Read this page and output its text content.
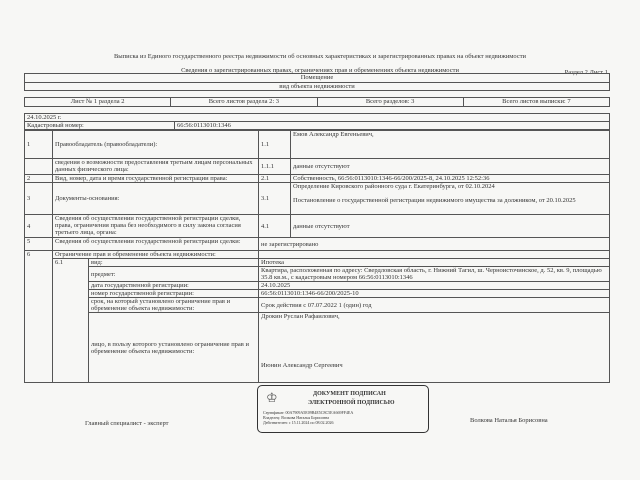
Выписка из Единого государственного реестра недвижимости об основных характеристиках и зарегистрированных правах на объект недвижимости
Сведения о зарегистрированных правах, ограничениях прав и обременениях объекта недвижимости	Раздел 2 Лист 1
Помещение
вид объекта недвижимости
Лист № 1 раздела 2	Всего листов раздела 2: 3	Всего разделов: 3	Всего листов выписки: 7
24.10.2025 г.
Кадастровый номер:	66:56:0113010:1346
1	Правообладатель (правообладатели):		1.1	Емов Александр Евгеньевич,
	сведения о возможности предоставления третьим лицам персональных данных физического лица:		1.1.1	данные отсутствуют
2	Вид, номер, дата и время государственной регистрации права:		2.1	Собственность, 66:56:0113010:1346-66/200/2025-8, 24.10.2025 12:52:36
3	Документы-основания:		3.1	Определение Кировского районного суда г. Екатеринбурга, от 02.10.2024
Постановление о государственной регистрации недвижимого имущества за должником, от 20.10.2025

4	Сведения об осуществлении государственной регистрации сделки, права, ограничения права без необходимого в силу закона согласия третьего лица, органа:		4.1	данные отсутствуют
5	Сведения об осуществлении государственной регистрации сделки:		не зарегистрировано	
6	Ограничение прав и обременение объекта недвижимости:			
	6.1	вид:	Ипотека	
		предмет:	Квартира, расположенная по адресу: Свердловская область, г. Нижний Тагил, ш. Черноисточинское, д. 52, кв. 9, площадью 35.8 кв.м., с кадастровым номером 66:56:0113010:1346	
		дата государственной регистрации:	24.10.2025	
		номер государственной регистрации:	66:56:0113010:1346-66/200/2025-10	
		срок, на который установлено ограничение прав и обременение объекта недвижимости:	Срок действия с 07.07.2022 1 (один) год	
		лицо, в пользу которого установлено ограничение прав и обременение объекта недвижимости:	Дрокин Руслан Рафаилович,
Июнин Александр Сергеевич	
♔	ДОКУМЕНТ ПОДПИСАН
ЭЛЕКТРОННОЙ ПОДПИСЬЮ
Сертификат: 00A7909A5E09B4E5C8C5EA669FF4EA
Владелец: Волкова Наталья Борисовна
Действителен: с 15.11.2024 по 08.02.2026
Главный специалист - эксперт	Волкова Наталья Борисовна
